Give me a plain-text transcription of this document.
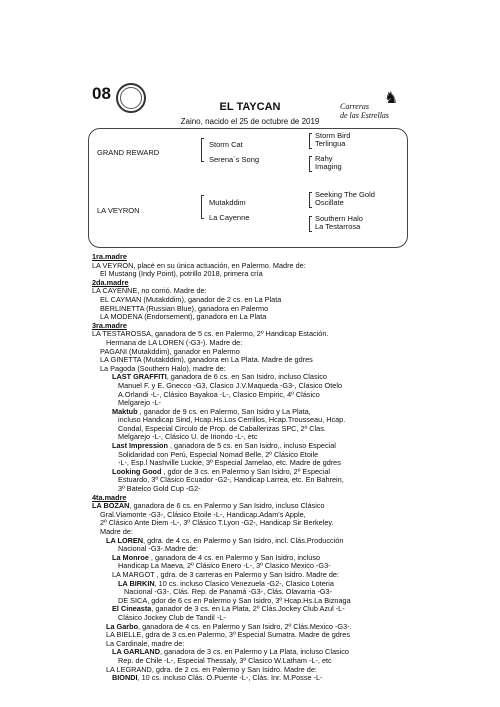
08
EL TAYCAN
Zaino, nacido el 25 de octubre de 2019
♞
Carreras
de las Estrellas
GRAND REWARD
LA VEYRON
Storm Cat
Serena´s Song
Mutakddim
La Cayenne
Storm Bird
Terlingua
Rahy
Imaging
Seeking The Gold
Oscillate
Southern Halo
La Testarrosa

1ra.madre

LA VEYRON, placé en su única actuación, en Palermo. Madre de:

El Mustang (Indy Point), potrillo 2018, primera cría

2da.madre

LA CAYENNE, no corrió. Madre de:

EL CAYMAN (Mutakddim), ganador de 2 cs. en La Plata

BERLINETTA (Russian Blue), ganadora en Palermo

LA MODENA (Endorsement), ganadora en La Plata

3ra.madre

LA TESTAROSSA, ganadora de 5 cs. en Palermo, 2º Handicap Estación.

Hermana de LA LOREN (-G3-). Madre de:

PAGANI (Mutakddim), ganador en Palermo

LA GINETTA (Mutakddim), ganadora en La Plata. Madre de gdres

La Pagoda (Southern Halo), madre de:

LAST GRAFFITI, ganadora de 6 cs. en San Isidro, incluso Clasico

Manuel F. y E. Gnecco -G3, Clasico J.V.Maqueda -G3-, Clasico Otelo

A.Orlandi -L-, Clásico Bayakoa -L-, Clasico Empiric, 4º Clásico

Melgarejo -L-

Maktub , ganador de 9 cs. en Palermo, San Isidro y La Plata,

incluso Handicap Sind, Hcap.Hs.Los Cerrillos, Hcap.Trousseau, Hcap.

Condal, Especial Circulo de Prop. de Caballerizas SPC, 2º Clas.

Melgarejo -L-, Clásico U. de Iriondo -L-, etc

Last Impression , ganadora de 5 cs. en San Isidro,. incluso Especial

Solidaridad con Perú, Especial Nomad Belle, 2º Clásico Etoile

-L-, Esp.l Nashville Luckie, 3º Especial Jamelao, etc. Madre de gdres

Looking Good , gdor de 3 cs. en Palermo y San Isidro, 2º Especial

Estuardo, 3º Clásico Ecuador -G2-, Handicap Larrea, etc. En Bahrein,

3º Batelco Gold Cup -G2-

4ta.madre

LA BOZAN, ganadora de 6 cs. en Palermo y San Isidro, incluso Clásico

Gral.Viamonte -G3-, Clásico Etoile -L-, Handicap.Adam's Apple,

2º Clásico Ante Diem -L-, 3º Clásico T.Lyon -G2-, Handicap Sir Berkeley.

Madre de:

LA LOREN, gdra. de 4 cs. en Palermo y San Isidro, incl. Clás.Producción

Nacional -G3-.Madre de:

La Monroe , ganadora de 4 cs. en Palermo y San Isidro, incluso

Handicap La Maeva, 2º Clásico Enero -L-, 3º Clasico Mexico -G3-

LA MARGOT , gdra. de 3 carreras en Palermo y San Isidro. Madre de:

LA BIRKIN, 10 cs. incluso Clasico Venezuela -G2-, Clasico Loteria

Nacional -G3-, Clás. Rep. de Panamá -G3-, Clás. Olavarria -G3-

DE SICA, gdor de 6 cs en Palermo y San Isidro, 3º Hcap.Hs.La Biznaga

El Cineasta, ganador de 3 cs. en La Plata, 2º Clás.Jockey Club Azul -L-

Clásico Jockey Club de Tandil -L-

La Garbo, ganadora de 4 cs. en Palermo y San Isidro, 2º Clás.Mexico -G3-.

LA BIELLE, gdra de 3 cs.en Palermo, 3º Especial Sumatra. Madre de gdres

La Cardinale, madre de:

LA GARLAND, ganadora de 3 cs. en Palermo y La Plata, incluso Clasico

Rep. de Chile -L-, Especial Thessaly, 3º Clasico W.Latham -L-, etc

LA LEGRAND, gdra. de 2 cs. en Palermo y San Isidro. Madre de:

BIONDI, 10 cs. incluso Clás. O.Puente -L-, Clás. Inr. M.Posse -L-
